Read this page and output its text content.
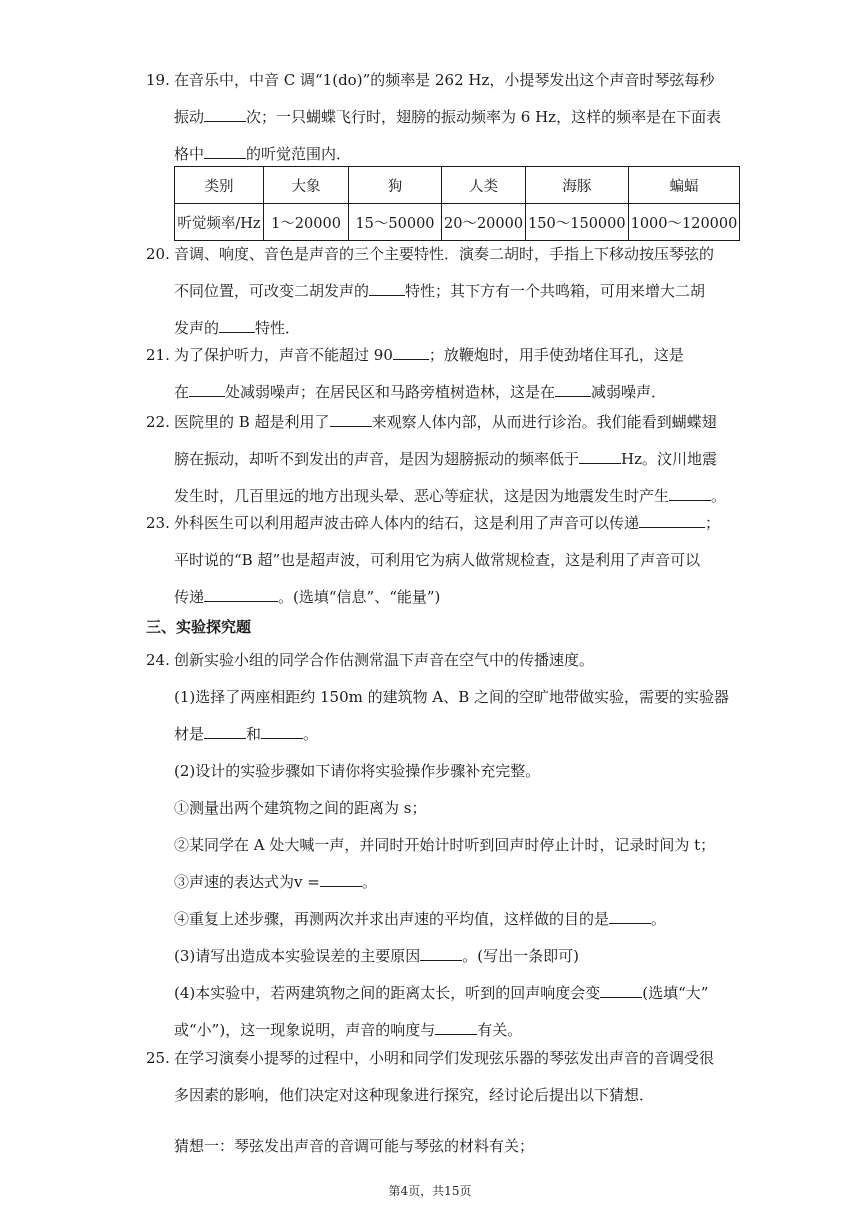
19. 在音乐中，中音 C 调“1(do)”的频率是 262 Hz，小提琴发出这个声音时琴弦每秒
振动	次；一只蝴蝶飞行时，翅膀的振动频率为 6 Hz，这样的频率是在下面表
格中	的听觉范围内．
类别	大象	狗	人类	海豚	蝙蝠
听觉频率/Hz	1～20000	15～50000	20～20000	150～150000	1000～120000
20. 音调、响度、音色是声音的三个主要特性．演奏二胡时，手指上下移动按压琴弦的
不同位置，可改变二胡发声的 特性；其下方有一个共鸣箱，可用来增大二胡
发声的 特性．
21. 为了保护听力，声音不能超过 90 ；放鞭炮时，用手使劲堵住耳孔，这是
在 处减弱噪声；在居民区和马路旁植树造林，这是在 减弱噪声．
22. 医院里的 B 超是利用了	来观察人体内部，从而进行诊治。我们能看到蝴蝶翅
膀在振动，却听不到发出的声音，是因为翅膀振动的频率低于	Hz。汶川地震
发生时，几百里远的地方出现头晕、恶心等症状，这是因为地震发生时产生	。
23. 外科医生可以利用超声波击碎人体内的结石，这是利用了声音可以传递	；
平时说的“B 超”也是超声波，可利用它为病人做常规检查，这是利用了声音可以
传递	。(选填“信息”、“能量”)
三、实验探究题
24. 创新实验小组的同学合作估测常温下声音在空气中的传播速度。
(1)选择了两座相距约 150m 的建筑物 A、B 之间的空旷地带做实验，需要的实验器
材是	和	。
(2)设计的实验步骤如下请你将实验操作步骤补充完整。
①测量出两个建筑物之间的距离为 s；
②某同学在 A 处大喊一声，并同时开始计时听到回声时停止计时，记录时间为 t；
③声速的表达式为v =	。
④重复上述步骤，再测两次并求出声速的平均值，这样做的目的是	。
(3)请写出造成本实验误差的主要原因	。(写出一条即可)
(4)本实验中，若两建筑物之间的距离太长，听到的回声响度会变	(选填“大”
或“小”)，这一现象说明，声音的响度与	有关。
25. 在学习演奏小提琴的过程中，小明和同学们发现弦乐器的琴弦发出声音的音调受很
多因素的影响，他们决定对这种现象进行探究，经讨论后提出以下猜想．
猜想一：琴弦发出声音的音调可能与琴弦的材料有关；
第4页，共15页
